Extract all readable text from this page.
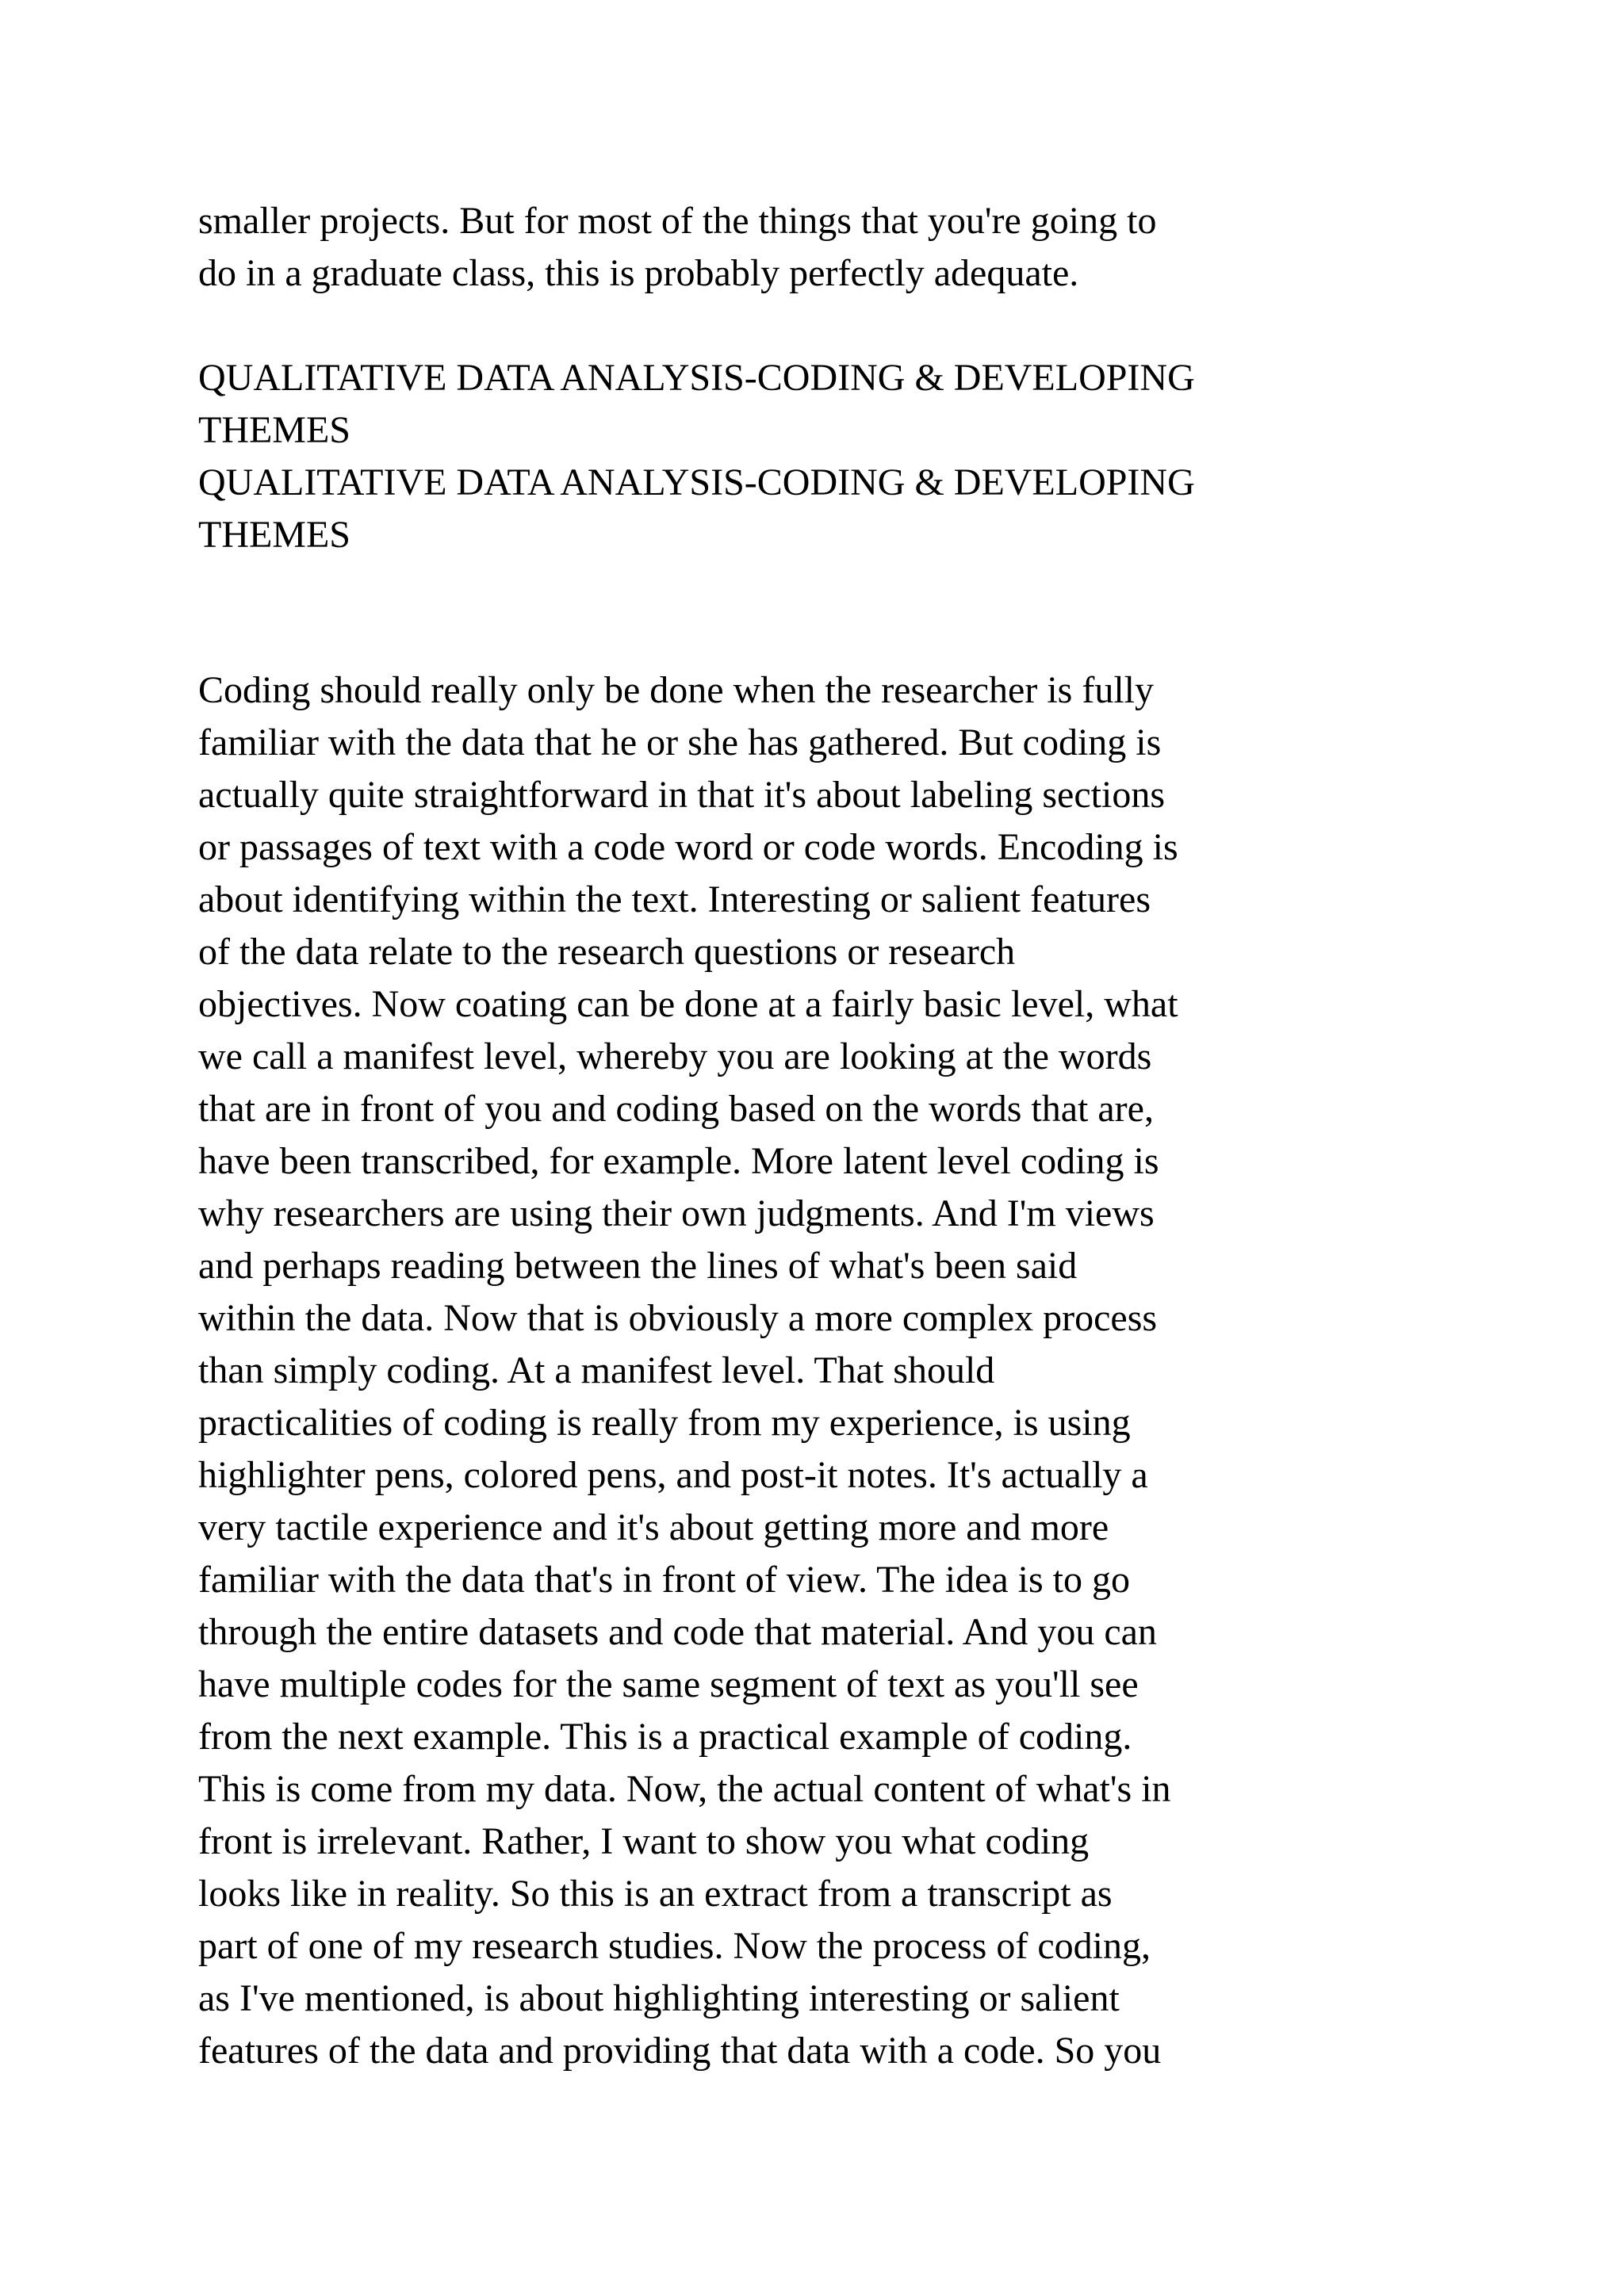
smaller projects. But for most of the things that you're going to
do in a graduate class, this is probably perfectly adequate.
QUALITATIVE DATA ANALYSIS-CODING & DEVELOPING
THEMES
QUALITATIVE DATA ANALYSIS-CODING & DEVELOPING
THEMES
Coding should really only be done when the researcher is fully
familiar with the data that he or she has gathered. But coding is
actually quite straightforward in that it's about labeling sections
or passages of text with a code word or code words. Encoding is
about identifying within the text. Interesting or salient features
of the data relate to the research questions or research
objectives. Now coating can be done at a fairly basic level, what
we call a manifest level, whereby you are looking at the words
that are in front of you and coding based on the words that are,
have been transcribed, for example. More latent level coding is
why researchers are using their own judgments. And I'm views
and perhaps reading between the lines of what's been said
within the data. Now that is obviously a more complex process
than simply coding. At a manifest level. That should
practicalities of coding is really from my experience, is using
highlighter pens, colored pens, and post-it notes. It's actually a
very tactile experience and it's about getting more and more
familiar with the data that's in front of view. The idea is to go
through the entire datasets and code that material. And you can
have multiple codes for the same segment of text as you'll see
from the next example. This is a practical example of coding.
This is come from my data. Now, the actual content of what's in
front is irrelevant. Rather, I want to show you what coding
looks like in reality. So this is an extract from a transcript as
part of one of my research studies. Now the process of coding,
as I've mentioned, is about highlighting interesting or salient
features of the data and providing that data with a code. So you
